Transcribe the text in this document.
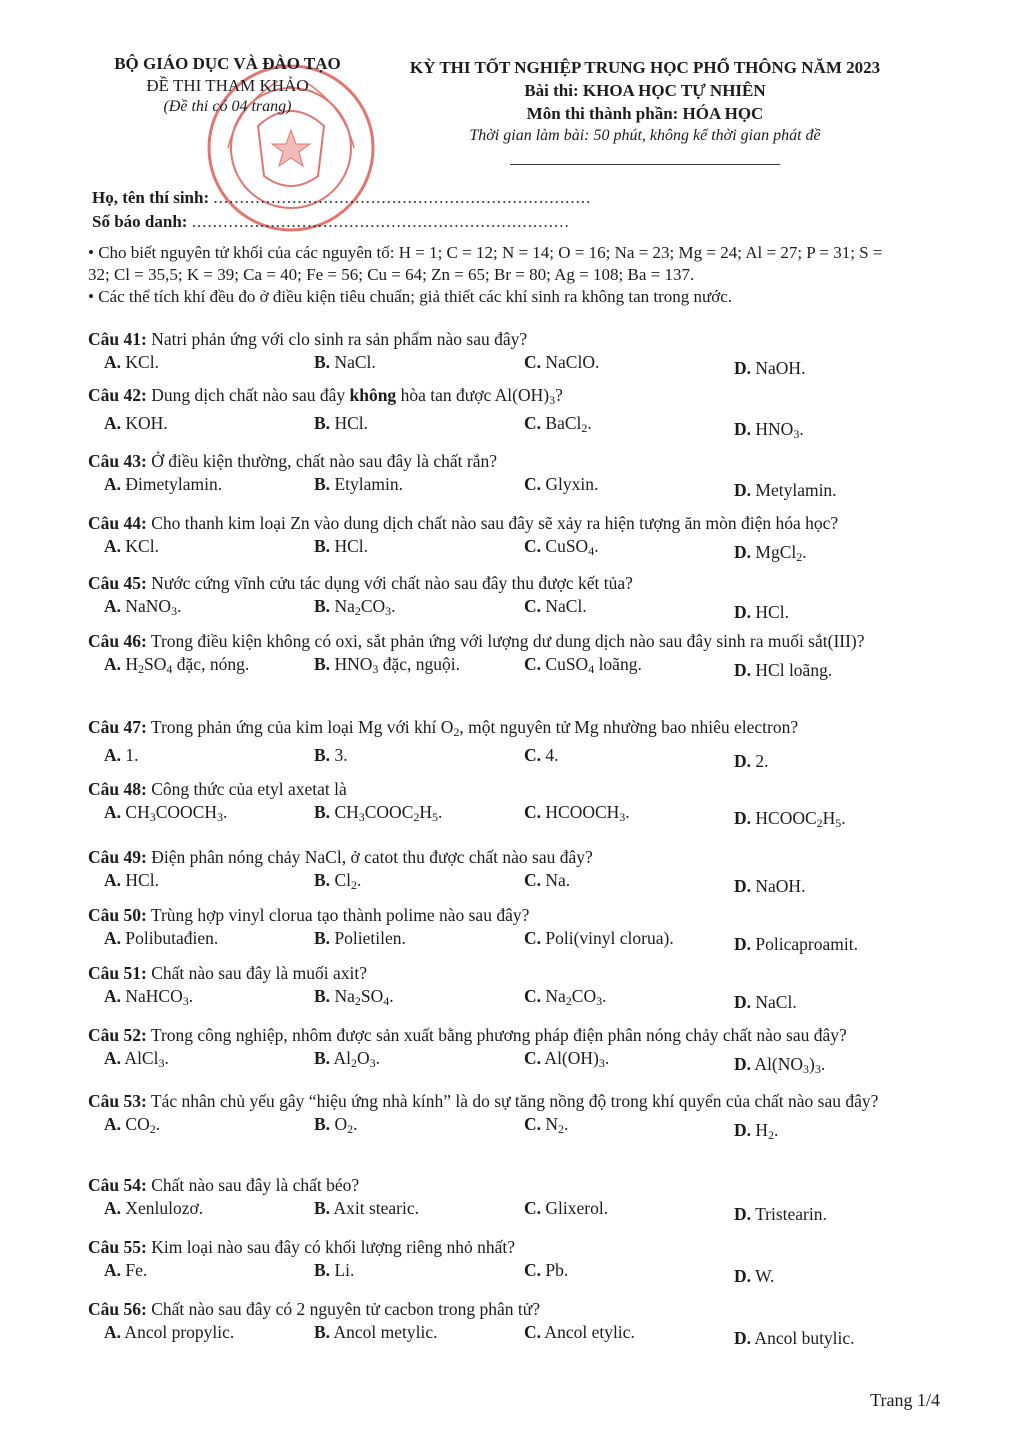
BỘ GIÁO DỤC VÀ ĐÀO TẠO
ĐỀ THI THAM KHẢO
(Đề thi có 04 trang)
KỲ THI TỐT NGHIỆP TRUNG HỌC PHỔ THÔNG NĂM 2023
Bài thi: KHOA HỌC TỰ NHIÊN
Môn thi thành phần: HÓA HỌC
Thời gian làm bài: 50 phút, không kể thời gian phát đề
Họ, tên thí sinh: ........................................................................
Số báo danh: ........................................................................
• Cho biết nguyên tử khối của các nguyên tố: H = 1; C = 12; N = 14; O = 16; Na = 23; Mg = 24; Al = 27; P = 31; S = 32; Cl = 35,5; K = 39; Ca = 40; Fe = 56; Cu = 64; Zn = 65; Br = 80; Ag = 108; Ba = 137.
• Các thể tích khí đều đo ở điều kiện tiêu chuẩn; giả thiết các khí sinh ra không tan trong nước.
Câu 41: Natri phản ứng với clo sinh ra sản phẩm nào sau đây?
A. KCl.	B. NaCl.	C. NaClO.	D. NaOH.
Câu 42: Dung dịch chất nào sau đây không hòa tan được $Al(OH)_3$?
A. KOH.	B. HCl.	C. BaCl$_2$.	D. $HNO_3$.
Câu 43: Ở điều kiện thường, chất nào sau đây là chất rắn?
A. Đimetylamin.	B. Etylamin.	C. Glyxin.	D. Metylamin.
Câu 44: Cho thanh kim loại Zn vào dung dịch chất nào sau đây sẽ xảy ra hiện tượng ăn mòn điện hóa học?
A. KCl.	B. HCl.	C. CuSO$_4$.	D. MgCl$_2$.
Câu 45: Nước cứng vĩnh cửu tác dụng với chất nào sau đây thu được kết tủa?
A. NaNO$_3$.	B. $Na_2CO_3$.	C. NaCl.	D. HCl.
Câu 46: Trong điều kiện không có oxi, sắt phản ứng với lượng dư dung dịch nào sau đây sinh ra muối sắt(III)?
A. $H_2SO_4$ đặc, nóng.	B. $HNO_3$ đặc, nguội.	C. CuSO$_4$ loãng.	D. HCl loãng.
Câu 47: Trong phản ứng của kim loại Mg với khí $O_2$, một nguyên tử Mg nhường bao nhiêu electron?
A. 1.	B. 3.	C. 4.	D. 2.
Câu 48: Công thức của etyl axetat là
A. $CH_3COOCH_3$.	B. $CH_3COOC_2H_5$.	C. $HCOOCH_3$.	D. $HCOOC_2H_5$.
Câu 49: Điện phân nóng chảy NaCl, ở catot thu được chất nào sau đây?
A. HCl.	B. $Cl_2$.	C. Na.	D. NaOH.
Câu 50: Trùng hợp vinyl clorua tạo thành polime nào sau đây?
A. Polibutađien.	B. Polietilen.	C. Poli(vinyl clorua).	D. Policaproamit.
Câu 51: Chất nào sau đây là muối axit?
A. NaHCO$_3$.	B. $Na_2SO_4$.	C. $Na_2CO_3$.	D. NaCl.
Câu 52: Trong công nghiệp, nhôm được sản xuất bằng phương pháp điện phân nóng chảy chất nào sau đây?
A. AlCl$_3$.	B. $Al_2O_3$.	C. $Al(OH)_3$.	D. $Al(NO_3)_3$.
Câu 53: Tác nhân chủ yếu gây “hiệu ứng nhà kính” là do sự tăng nồng độ trong khí quyển của chất nào sau đây?
A. $CO_2$.	B. $O_2$.	C. $N_2$.	D. $H_2$.
Câu 54: Chất nào sau đây là chất béo?
A. Xenlulozơ.	B. Axit stearic.	C. Glixerol.	D. Tristearin.
Câu 55: Kim loại nào sau đây có khối lượng riêng nhỏ nhất?
A. Fe.	B. Li.	C. Pb.	D. W.
Câu 56: Chất nào sau đây có 2 nguyên tử cacbon trong phân tử?
A. Ancol propylic.	B. Ancol metylic.	C. Ancol etylic.	D. Ancol butylic.
Trang 1/4
